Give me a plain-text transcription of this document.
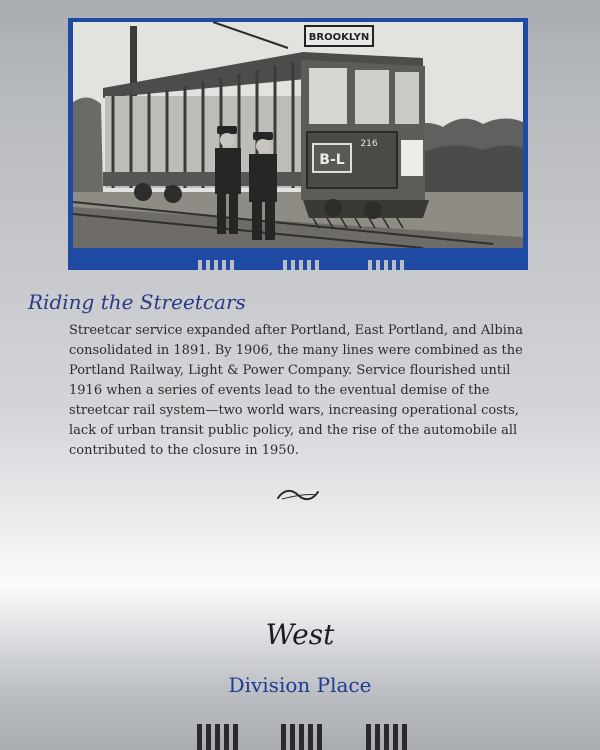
BROOKLYN
B-L
216
Riding the Streetcars

Streetcar service expanded after Portland, East Portland, and Albina consolidated in 1891. By 1906, the many lines were combined as the Portland Railway, Light & Power Company. Service flourished until 1916 when a series of events lead to the eventual demise of the streetcar rail system—two world wars, increasing operational costs, lack of urban transit public policy, and the rise of the automobile all contributed to the closure in 1950.

West
Division Place
